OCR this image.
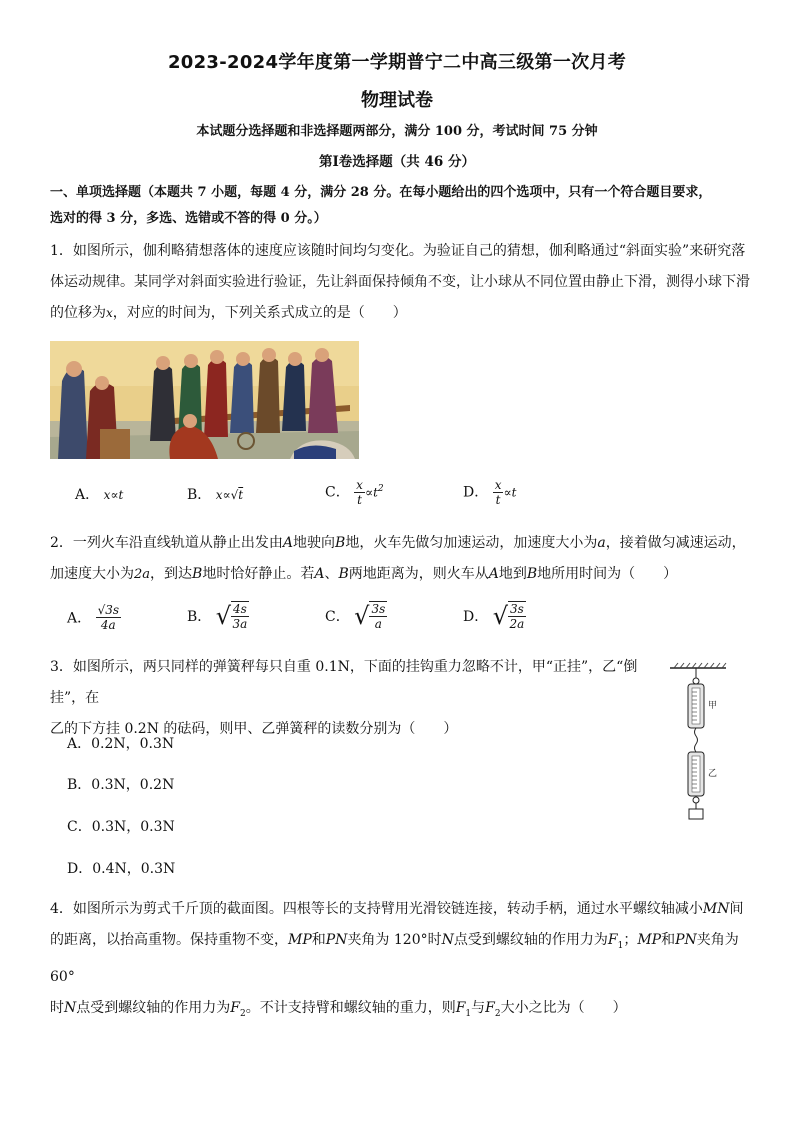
2023-2024学年度第一学期普宁二中高三级第一次月考
物理试卷
本试题分选择题和非选择题两部分，满分 100 分，考试时间 75 分钟
第Ⅰ卷选择题（共 46 分）
一、单项选择题（本题共 7 小题，每题 4 分，满分 28 分。在每小题给出的四个选项中，只有一个符合题目要求，
选对的得 3 分，多选、选错或不答的得 0 分。）
1．如图所示，伽利略猜想落体的速度应该随时间均匀变化。为验证自己的猜想，伽利略通过“斜面实验”来研究落
体运动规律。某同学对斜面实验进行验证，先让斜面保持倾角不变，让小球从不同位置由静止下滑，测得小球下滑
的位移为x，对应的时间为，下列关系式成立的是（　　）
A． x∝t	B． x∝√t	C． $\frac{x}{t} \propto t^2$	D． $\frac{x}{t} \propto t$
2．一列火车沿直线轨道从静止出发由A地驶向B地，火车先做匀加速运动，加速度大小为a，接着做匀减速运动，
加速度大小为2a，到达B地时恰好静止。若A、B两地距离为，则火车从A地到B地所用时间为（　　）
A． $\frac{√3s}{4a}$	B． √ $\frac{4s}{3a}$	C． √ $\frac{3s}{a}$	D． √ $\frac{3s}{2a}$
3．如图所示，两只同样的弹簧秤每只自重 0.1N，下面的挂钩重力忽略不计，甲“正挂”，乙“倒挂”，在
乙的下方挂 0.2N 的砝码，则甲、乙弹簧秤的读数分别为（　　）
A．0.2N，0.3N
B．0.3N，0.2N
C．0.3N，0.3N
D．0.4N，0.3N
甲
乙
4．如图所示为剪式千斤顶的截面图。四根等长的支持臂用光滑铰链连接，转动手柄，通过水平螺纹轴减小MN间
的距离，以抬高重物。保持重物不变，MP和PN夹角为 120°时N点受到螺纹轴的作用力为$F_1$；MP和PN夹角为 60°
时N点受到螺纹轴的作用力为$F_2$。不计支持臂和螺纹轴的重力，则$F_1$与$F_2$大小之比为（　　）
